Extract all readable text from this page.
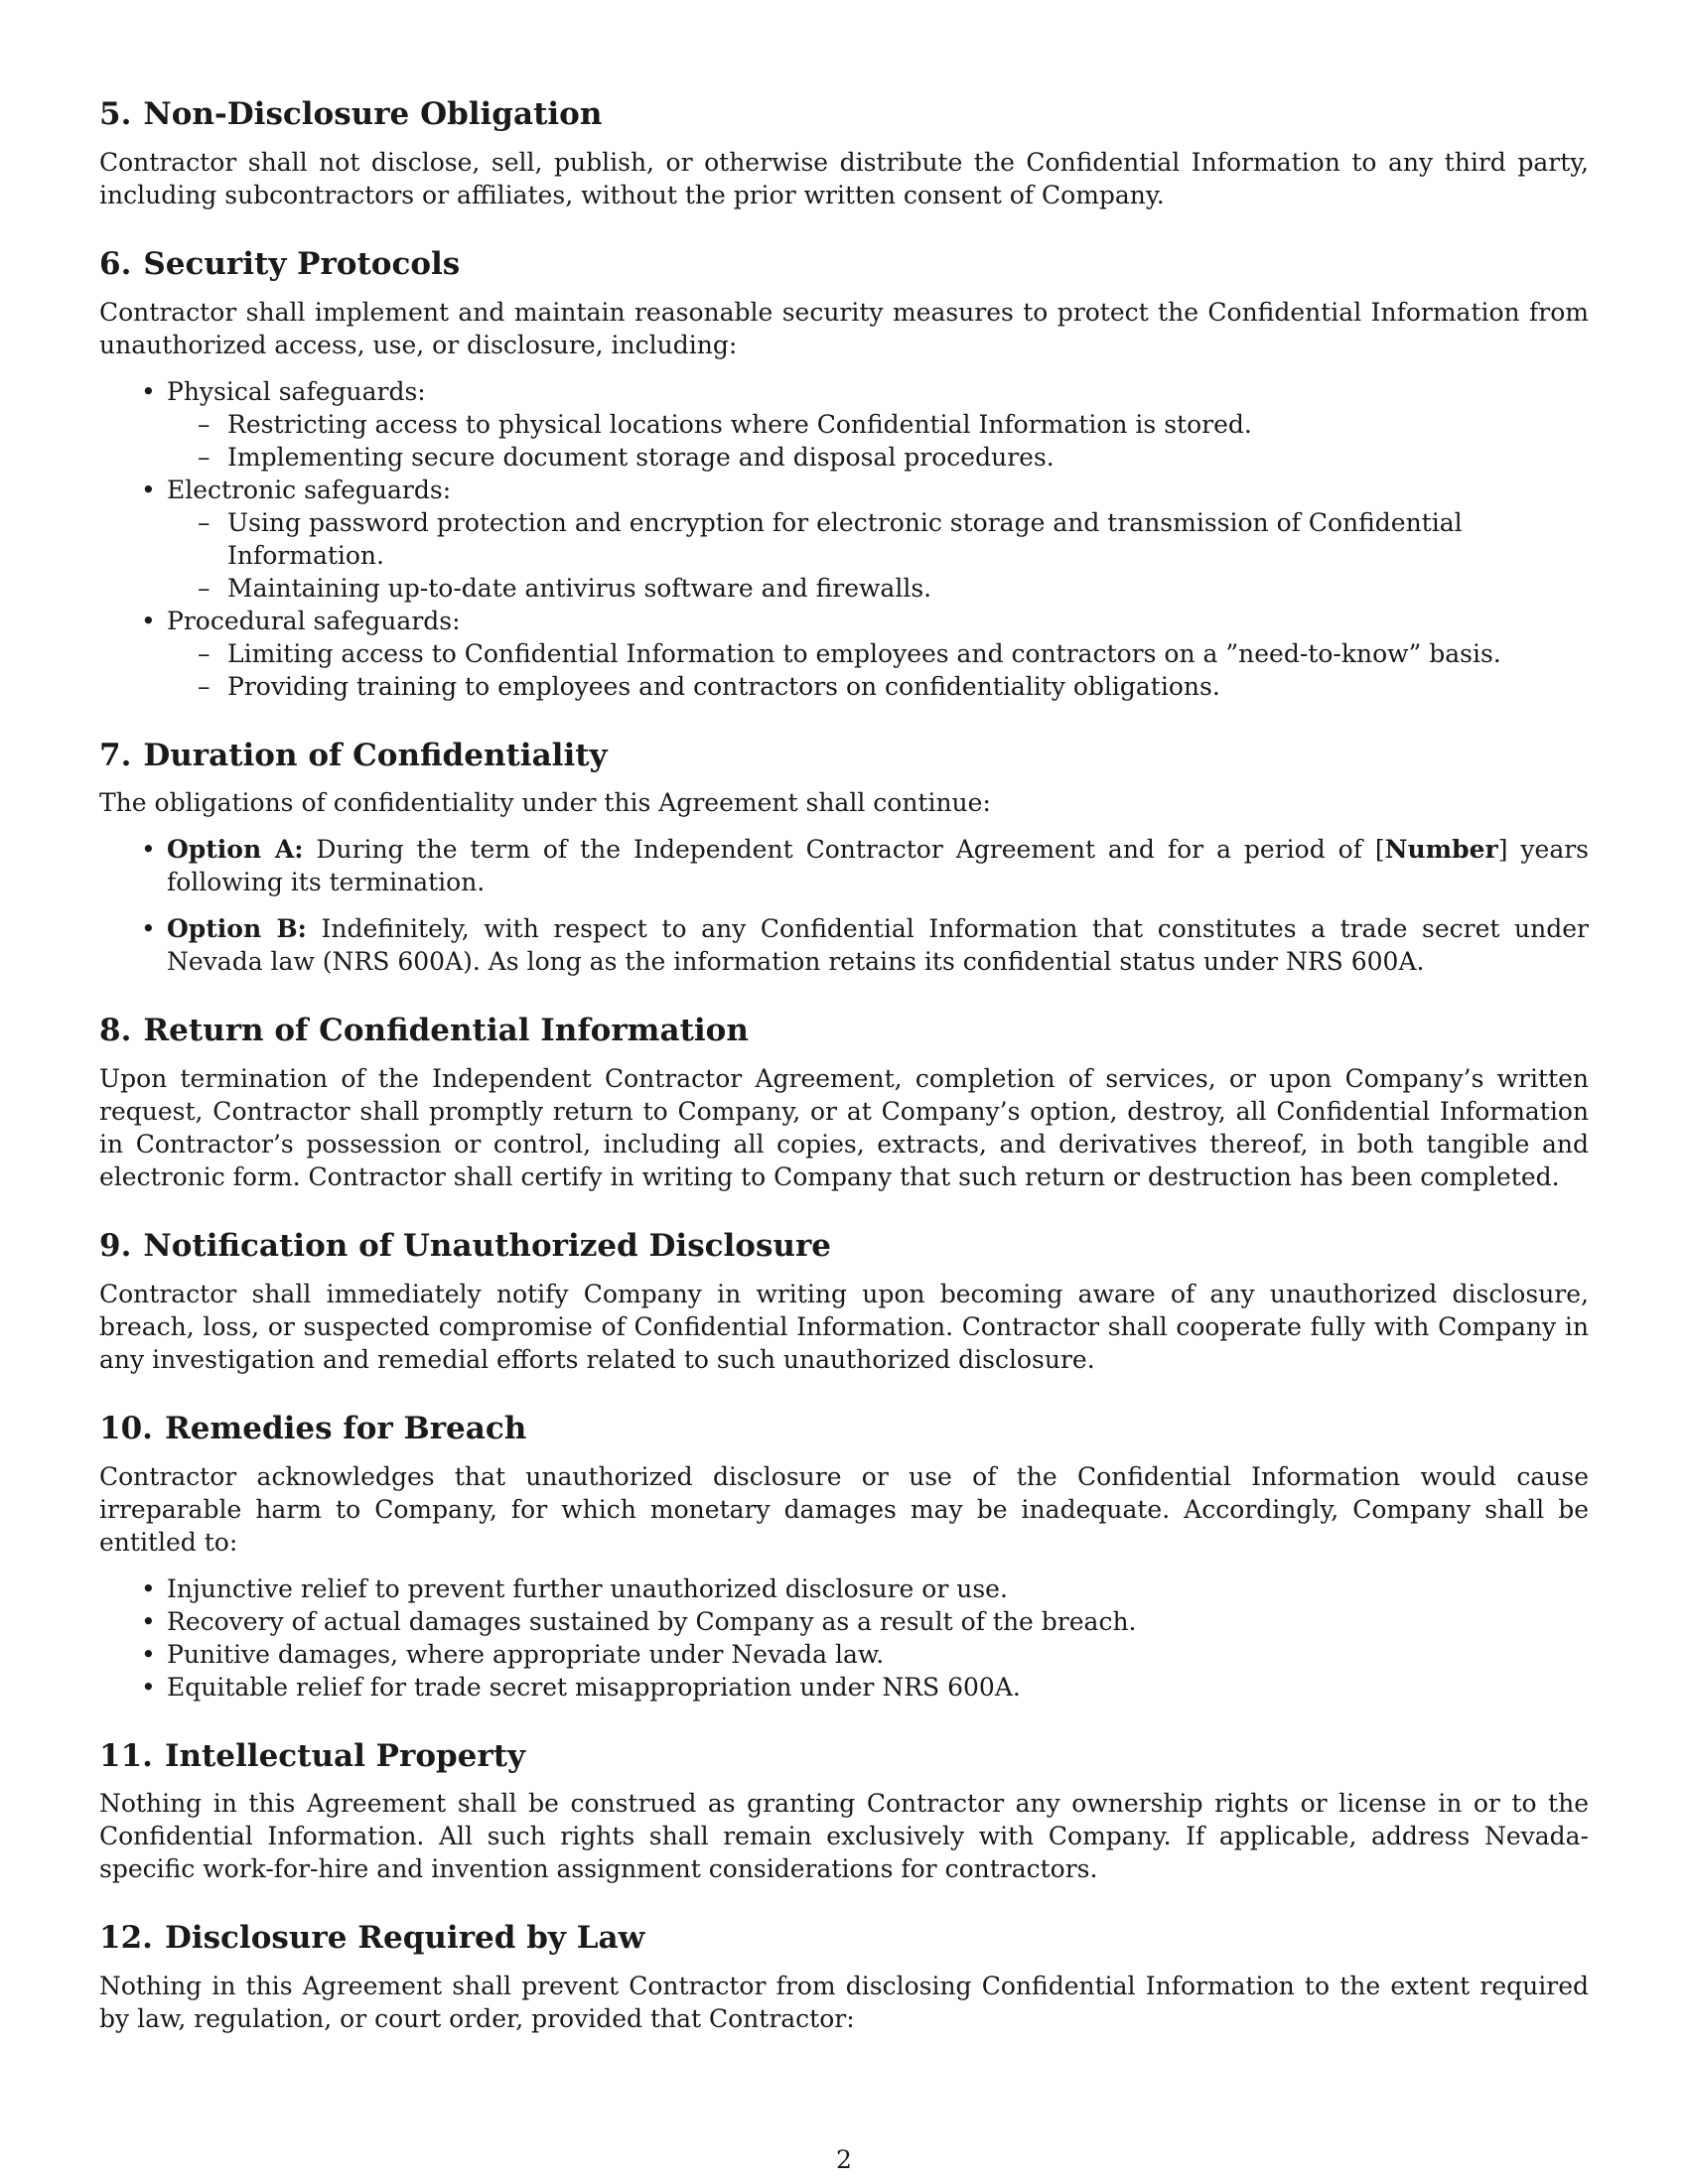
5. Non-Disclosure Obligation

Contractor shall not disclose, sell, publish, or otherwise distribute the Confidential Information to any third party, including subcontractors or affiliates, without the prior written consent of Company.

6. Security Protocols

Contractor shall implement and maintain reasonable security measures to protect the Confidential Information from unauthorized access, use, or disclosure, including:

• Physical safeguards:
– Restricting access to physical locations where Confidential Information is stored.
– Implementing secure document storage and disposal procedures.
• Electronic safeguards:
– Using password protection and encryption for electronic storage and transmission of Confidential Information.
– Maintaining up-to-date antivirus software and firewalls.
• Procedural safeguards:
– Limiting access to Confidential Information to employees and contractors on a ”need-to-know” basis.
– Providing training to employees and contractors on confidentiality obligations.
7. Duration of Confidentiality

The obligations of confidentiality under this Agreement shall continue:

• Option A: During the term of the Independent Contractor Agreement and for a period of [Number] years following its termination.
• Option B: Indefinitely, with respect to any Confidential Information that constitutes a trade secret under Nevada law (NRS 600A). As long as the information retains its confidential status under NRS 600A.
8. Return of Confidential Information

Upon termination of the Independent Contractor Agreement, completion of services, or upon Company’s written request, Contractor shall promptly return to Company, or at Company’s option, destroy, all Confidential Information in Contractor’s possession or control, including all copies, extracts, and derivatives thereof, in both tangible and electronic form. Contractor shall certify in writing to Company that such return or destruction has been completed.

9. Notification of Unauthorized Disclosure

Contractor shall immediately notify Company in writing upon becoming aware of any unauthorized disclosure, breach, loss, or suspected compromise of Confidential Information. Contractor shall cooperate fully with Company in any investigation and remedial efforts related to such unauthorized disclosure.

10. Remedies for Breach

Contractor acknowledges that unauthorized disclosure or use of the Confidential Information would cause irreparable harm to Company, for which monetary damages may be inadequate. Accordingly, Company shall be entitled to:

• Injunctive relief to prevent further unauthorized disclosure or use.
• Recovery of actual damages sustained by Company as a result of the breach.
• Punitive damages, where appropriate under Nevada law.
• Equitable relief for trade secret misappropriation under NRS 600A.
11. Intellectual Property

Nothing in this Agreement shall be construed as granting Contractor any ownership rights or license in or to the Confidential Information. All such rights shall remain exclusively with Company. If applicable, address Nevada-specific work-for-hire and invention assignment considerations for contractors.

12. Disclosure Required by Law

Nothing in this Agreement shall prevent Contractor from disclosing Confidential Information to the extent required by law, regulation, or court order, provided that Contractor:

2
